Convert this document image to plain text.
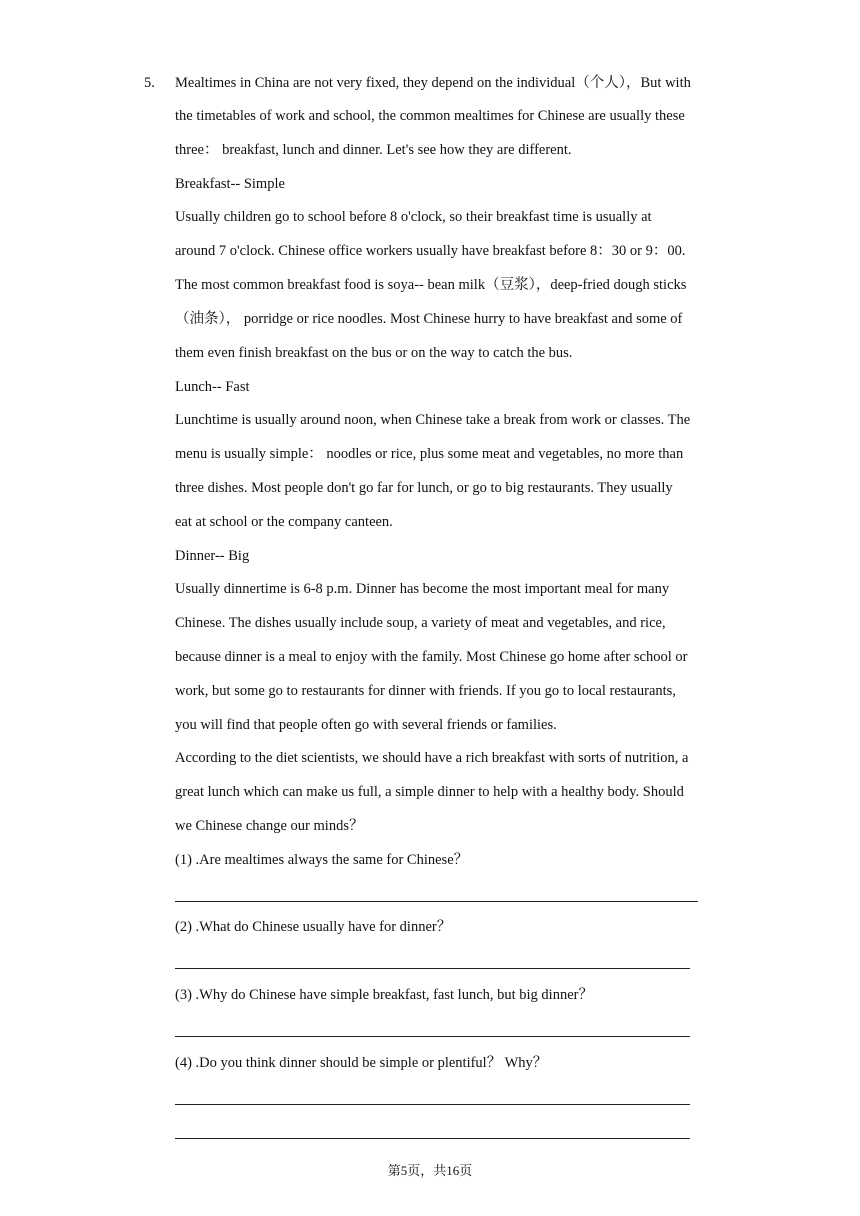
5. Mealtimes in China are not very fixed, they depend on the individual（个人），But with
the timetables of work and school, the common mealtimes for Chinese are usually these
three： breakfast, lunch and dinner. Let's see how they are different.
Breakfast-- Simple
Usually children go to school before 8 o'clock, so their breakfast time is usually at
around 7 o'clock. Chinese office workers usually have breakfast before 8：30 or 9：00.
The most common breakfast food is soya-- bean milk（豆浆），deep-fried dough sticks
（油条）， porridge or rice noodles. Most Chinese hurry to have breakfast and some of
them even finish breakfast on the bus or on the way to catch the bus.
Lunch-- Fast
Lunchtime is usually around noon, when Chinese take a break from work or classes. The
menu is usually simple： noodles or rice, plus some meat and vegetables, no more than
three dishes. Most people don't go far for lunch, or go to big restaurants. They usually
eat at school or the company canteen.
Dinner-- Big
Usually dinnertime is 6-8 p.m. Dinner has become the most important meal for many
Chinese. The dishes usually include soup, a variety of meat and vegetables, and rice,
because dinner is a meal to enjoy with the family. Most Chinese go home after school or
work, but some go to restaurants for dinner with friends. If you go to local restaurants,
you will find that people often go with several friends or families.
According to the diet scientists, we should have a rich breakfast with sorts of nutrition, a
great lunch which can make us full, a simple dinner to help with a healthy body. Should
we Chinese change our minds？
(1) .Are mealtimes always the same for Chinese？
(2) .What do Chinese usually have for dinner？
(3) .Why do Chinese have simple breakfast, fast lunch, but big dinner？
(4) .Do you think dinner should be simple or plentiful？ Why？
第5页，共16页
